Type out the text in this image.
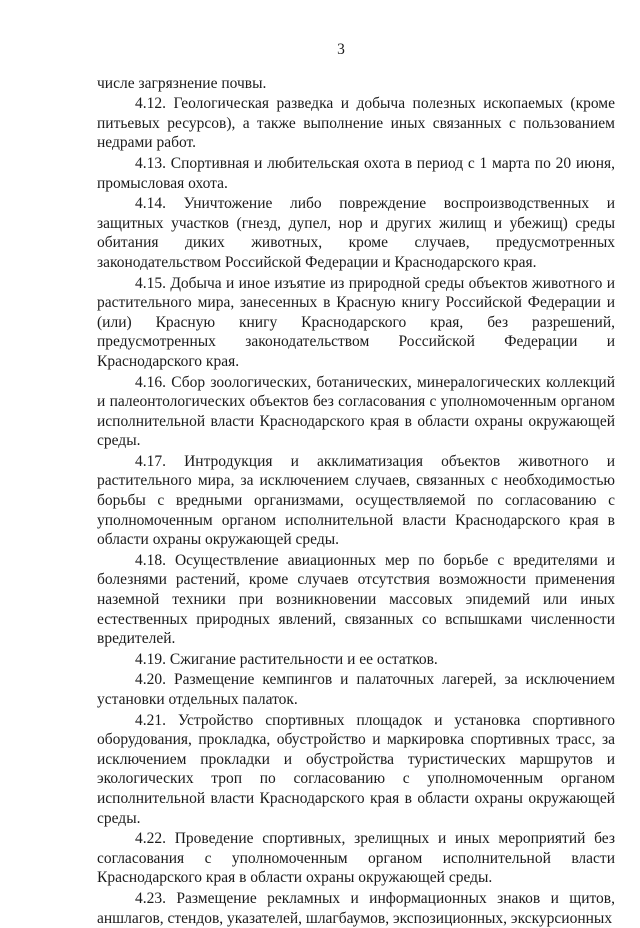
3

числе загрязнение почвы.

4.12. Геологическая разведка и добыча полезных ископаемых (кроме питьевых ресурсов), а также выполнение иных связанных с пользованием недрами работ.

4.13. Спортивная и любительская охота в период с 1 марта по 20 июня, промысловая охота.

4.14. Уничтожение либо повреждение воспроизводственных и защитных участков (гнезд, дупел, нор и других жилищ и убежищ) среды обитания диких животных, кроме случаев, предусмотренных законодательством Российской Федерации и Краснодарского края.

4.15. Добыча и иное изъятие из природной среды объектов животного и растительного мира, занесенных в Красную книгу Российской Федерации и (или) Красную книгу Краснодарского края, без разрешений, предусмотренных законодательством Российской Федерации и Краснодарского края.

4.16. Сбор зоологических, ботанических, минералогических коллекций и палеонтологических объектов без согласования с уполномоченным органом исполнительной власти Краснодарского края в области охраны окружающей среды.

4.17. Интродукция и акклиматизация объектов животного и растительного мира, за исключением случаев, связанных с необходимостью борьбы с вредными организмами, осуществляемой по согласованию с уполномоченным органом исполнительной власти Краснодарского края в области охраны окружающей среды.

4.18. Осуществление авиационных мер по борьбе с вредителями и болезнями растений, кроме случаев отсутствия возможности применения наземной техники при возникновении массовых эпидемий или иных естественных природных явлений, связанных со вспышками численности вредителей.

4.19. Сжигание растительности и ее остатков.

4.20. Размещение кемпингов и палаточных лагерей, за исключением установки отдельных палаток.

4.21. Устройство спортивных площадок и установка спортивного оборудования, прокладка, обустройство и маркировка спортивных трасс, за исключением прокладки и обустройства туристических маршрутов и экологических троп по согласованию с уполномоченным органом исполнительной власти Краснодарского края в области охраны окружающей среды.

4.22. Проведение спортивных, зрелищных и иных мероприятий без согласования с уполномоченным органом исполнительной власти Краснодарского края в области охраны окружающей среды.

4.23. Размещение рекламных и информационных знаков и щитов, аншлагов, стендов, указателей, шлагбаумов, экспозиционных, экскурсионных
